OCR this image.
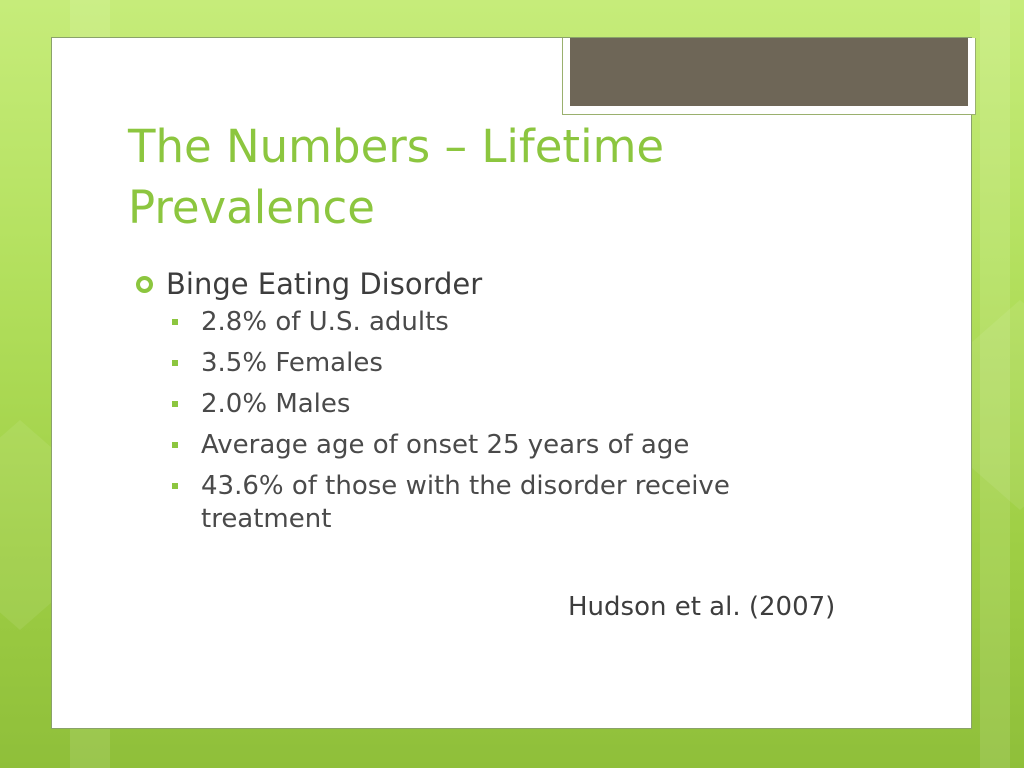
The Numbers – Lifetime
Prevalence
Binge Eating Disorder
2.8% of U.S. adults
3.5% Females
2.0% Males
Average age of onset 25 years of age
43.6% of those with the disorder receive treatment

Hudson et al. (2007)
